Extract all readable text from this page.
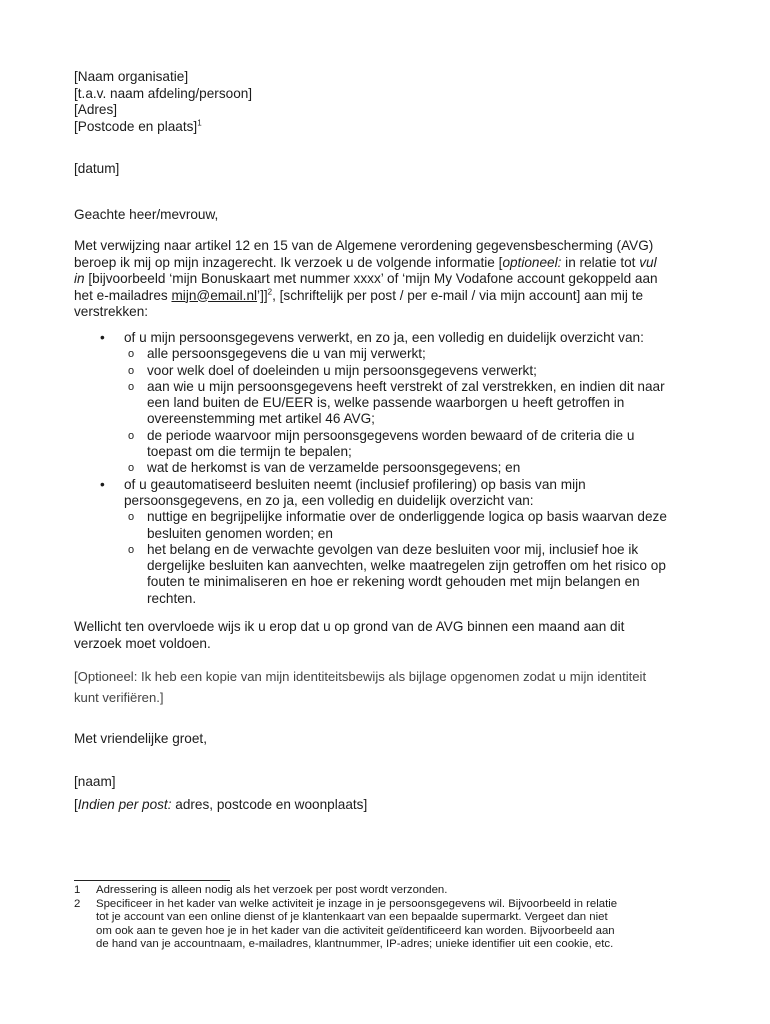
[Naam organisatie]
[t.a.v. naam afdeling/persoon]
[Adres]
[Postcode en plaats]$^1$
[datum]
Geachte heer/mevrouw,
Met verwijzing naar artikel 12 en 15 van de Algemene verordening gegevensbescherming (AVG)
beroep ik mij op mijn inzagerecht. Ik verzoek u de volgende informatie [optioneel: in relatie tot vul
in [bijvoorbeeld ‘mijn Bonuskaart met nummer xxxx’ of ‘mijn My Vodafone account gekoppeld aan
het e-mailadres mijn@email.nl’]]$^2$, [schriftelijk per post / per e-mail / via mijn account] aan mij te
verstrekken:
• of u mijn persoonsgegevens verwerkt, en zo ja, een volledig en duidelijk overzicht van:
o alle persoonsgegevens die u van mij verwerkt;
o voor welk doel of doeleinden u mijn persoonsgegevens verwerkt;
o aan wie u mijn persoonsgegevens heeft verstrekt of zal verstrekken, en indien dit naar
een land buiten de EU/EER is, welke passende waarborgen u heeft getroffen in
overeenstemming met artikel 46 AVG;
o de periode waarvoor mijn persoonsgegevens worden bewaard of de criteria die u
toepast om die termijn te bepalen;
o wat de herkomst is van de verzamelde persoonsgegevens; en
• of u geautomatiseerd besluiten neemt (inclusief profilering) op basis van mijn
persoonsgegevens, en zo ja, een volledig en duidelijk overzicht van:
o nuttige en begrijpelijke informatie over de onderliggende logica op basis waarvan deze
besluiten genomen worden; en
o het belang en de verwachte gevolgen van deze besluiten voor mij, inclusief hoe ik
dergelijke besluiten kan aanvechten, welke maatregelen zijn getroffen om het risico op
fouten te minimaliseren en hoe er rekening wordt gehouden met mijn belangen en
rechten.
Wellicht ten overvloede wijs ik u erop dat u op grond van de AVG binnen een maand aan dit
verzoek moet voldoen.
[Optioneel: Ik heb een kopie van mijn identiteitsbewijs als bijlage opgenomen zodat u mijn identiteit
kunt verifiëren.]
Met vriendelijke groet,
[naam]
[Indien per post: adres, postcode en woonplaats]
1 Adressering is alleen nodig als het verzoek per post wordt verzonden.
2 Specificeer in het kader van welke activiteit je inzage in je persoonsgegevens wil. Bijvoorbeeld in relatie
tot je account van een online dienst of je klantenkaart van een bepaalde supermarkt. Vergeet dan niet
om ook aan te geven hoe je in het kader van die activiteit geïdentificeerd kan worden. Bijvoorbeeld aan
de hand van je accountnaam, e-mailadres, klantnummer, IP-adres; unieke identifier uit een cookie, etc.
